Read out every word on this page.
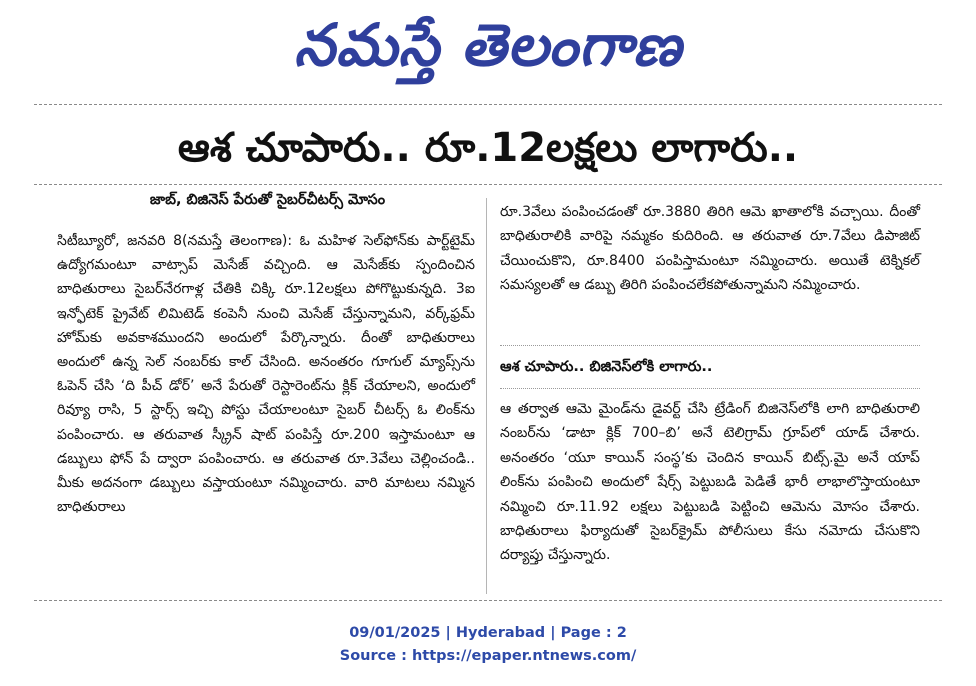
నమస్తే తెలంగాణ
ఆశ చూపారు.. రూ.12లక్షలు లాగారు..
జాబ్, బిజినెస్ పేరుతో సైబర్‌చీటర్స్ మోసం

సిటీబ్యూరో, జనవరి 8(నమస్తే తెలంగాణ): ఓ మహిళ సెల్‌ఫోన్‌కు పార్ట్‌టైమ్ ఉద్యోగమంటూ వాట్సాప్ మెసేజ్ వచ్చింది. ఆ మెసేజ్‌కు స్పందించిన బాధితురాలు సైబర్‌నేరగాళ్ల చేతికి చిక్కి రూ.12లక్షలు పోగొట్టుకున్నది. 3ఐ ఇన్ఫోటెక్ ప్రైవేట్ లిమిటెడ్ కంపెనీ నుంచి మెసేజ్ చేస్తున్నామని, వర్క్‌ఫ్రమ్ హోమ్‌కు అవకాశముందని అందులో పేర్కొన్నారు. దీంతో బాధితురాలు అందులో ఉన్న సెల్ నంబర్‌కు కాల్ చేసింది. అనంతరం గూగుల్ మ్యాప్స్‌ను ఓపెన్ చేసి ‘ది పీచ్ డోర్’ అనే పేరుతో రెస్టారెంట్‌ను క్లిక్ చేయాలని, అందులో రివ్యూ రాసి, 5 స్టార్స్ ఇచ్చి పోస్టు చేయాలంటూ సైబర్ చీటర్స్ ఓ లింక్‌ను పంపించారు. ఆ తరువాత స్క్రీన్ షాట్ పంపిస్తే రూ.200 ఇస్తామంటూ ఆ డబ్బులు ఫోన్ పే ద్వారా పంపించారు. ఆ తరువాత రూ.3వేలు చెల్లించండి.. మీకు అదనంగా డబ్బులు వస్తాయంటూ నమ్మించారు. వారి మాటలు నమ్మిన బాధితురాలు

రూ.3వేలు పంపించడంతో రూ.3880 తిరిగి ఆమె ఖాతాలోకి వచ్చాయి. దీంతో బాధితురాలికి వారిపై నమ్మకం కుదిరింది. ఆ తరువాత రూ.7వేలు డిపాజిట్ చేయించుకొని, రూ.8400 పంపిస్తామంటూ నమ్మించారు. అయితే టెక్నికల్ సమస్యలతో ఆ డబ్బు తిరిగి పంపించలేకపోతున్నామని నమ్మించారు.

ఆశ చూపారు.. బిజినెస్‌లోకి లాగారు..

ఆ తర్వాత ఆమె మైండ్‌ను డైవర్ట్ చేసి ట్రేడింగ్ బిజినెస్‌లోకి లాగి బాధితురాలి నంబర్‌ను ‘డాటా క్లిక్ 700–బి’ అనే టెలిగ్రామ్ గ్రూప్‌లో యాడ్ చేశారు. అనంతరం ‘యూ కాయిన్ సంస్థ’కు చెందిన కాయిన్ బిట్స్.మై అనే యాప్ లింక్‌ను పంపించి అందులో షేర్స్ పెట్టుబడి పెడితే భారీ లాభాలొస్తాయంటూ నమ్మించి రూ.11.92 లక్షలు పెట్టుబడి పెట్టించి ఆమెను మోసం చేశారు. బాధితురాలు ఫిర్యాదుతో సైబర్‌క్రైమ్ పోలీసులు కేసు నమోదు చేసుకొని దర్యాప్తు చేస్తున్నారు.

09/01/2025 | Hyderabad | Page : 2
Source : https://epaper.ntnews.com/
